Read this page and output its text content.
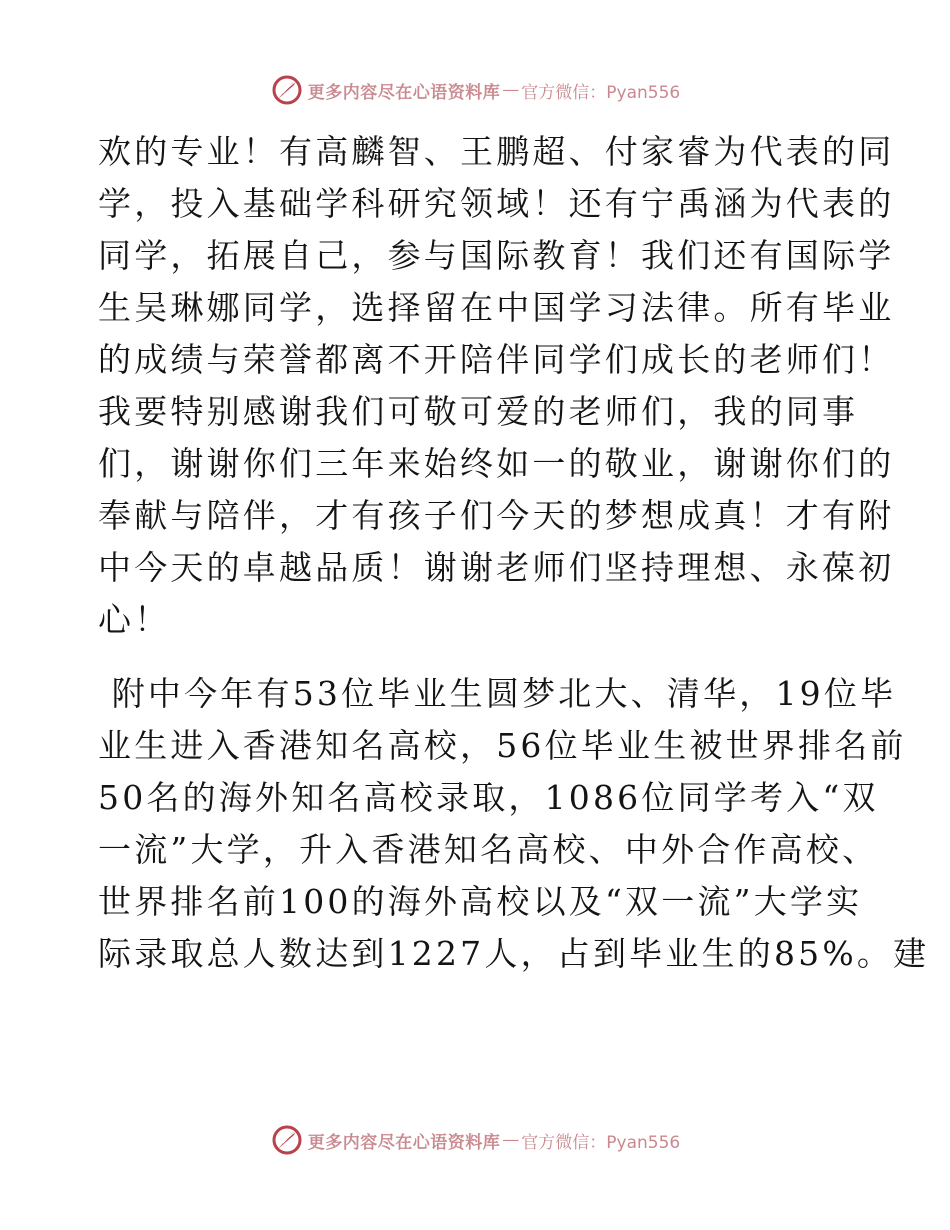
更多内容尽在心语资料库 — 官方微信：Pyan556
欢的专业！有高麟智、王鹏超、付家睿为代表的同
学，投入基础学科研究领域！还有宁禹涵为代表的
同学，拓展自己，参与国际教育！我们还有国际学
生吴琳娜同学，选择留在中国学习法律。所有毕业
的成绩与荣誉都离不开陪伴同学们成长的老师们！
我要特别感谢我们可敬可爱的老师们，我的同事
们，谢谢你们三年来始终如一的敬业，谢谢你们的
奉献与陪伴，才有孩子们今天的梦想成真！才有附
中今天的卓越品质！谢谢老师们坚持理想、永葆初
心！
附中今年有53位毕业生圆梦北大、清华，19位毕
业生进入香港知名高校，56位毕业生被世界排名前
50名的海外知名高校录取，1086位同学考入“双
一流”大学，升入香港知名高校、中外合作高校、
世界排名前100的海外高校以及“双一流”大学实
际录取总人数达到1227人，占到毕业生的85%。建
更多内容尽在心语资料库 — 官方微信：Pyan556
